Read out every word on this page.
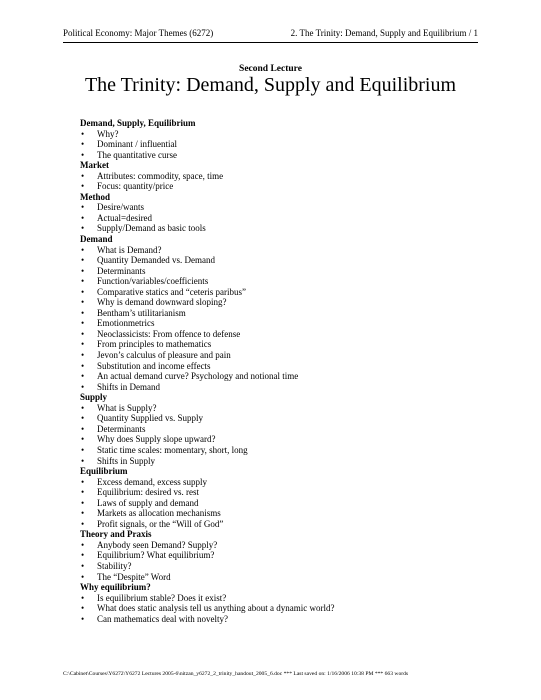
Political Economy: Major Themes (6272)	2. The Trinity: Demand, Supply and Equilibrium / 1
Second Lecture
The Trinity: Demand, Supply and Equilibrium
Demand, Supply, Equilibrium
• Why?
• Dominant / influential
• The quantitative curse
Market
• Attributes: commodity, space, time
• Focus: quantity/price
Method
• Desire/wants
• Actual=desired
• Supply/Demand as basic tools
Demand
• What is Demand?
• Quantity Demanded vs. Demand
• Determinants
• Function/variables/coefficients
• Comparative statics and “ceteris paribus”
• Why is demand downward sloping?
• Bentham’s utilitarianism
• Emotionmetrics
• Neoclassicists: From offence to defense
• From principles to mathematics
• Jevon’s calculus of pleasure and pain
• Substitution and income effects
• An actual demand curve? Psychology and notional time
• Shifts in Demand
Supply
• What is Supply?
• Quantity Supplied vs. Supply
• Determinants
• Why does Supply slope upward?
• Static time scales: momentary, short, long
• Shifts in Supply
Equilibrium
• Excess demand, excess supply
• Equilibrium: desired vs. rest
• Laws of supply and demand
• Markets as allocation mechanisms
• Profit signals, or the “Will of God”
Theory and Praxis
• Anybody seen Demand? Supply?
• Equilibrium? What equilibrium?
• Stability?
• The “Despite” Word
Why equilibrium?
• Is equilibrium stable? Does it exist?
• What does static analysis tell us anything about a dynamic world?
• Can mathematics deal with novelty?
C:\Cabinet\Courses\Y6272\Y6272 Lectures 2005-6\nitzan_y6272_2_trinity_handout_2005_6.doc *** Last saved on: 1/16/2006 10:38 PM *** 663 words
